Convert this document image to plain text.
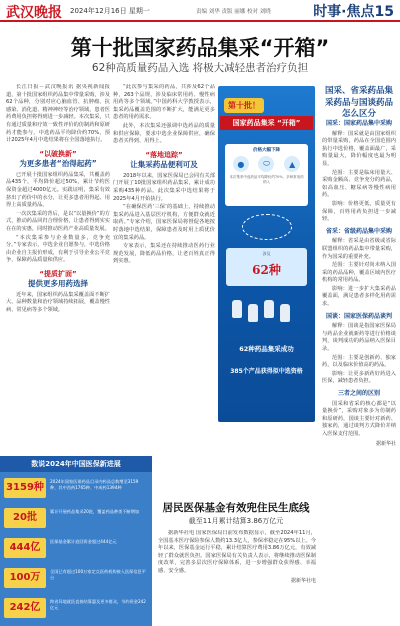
武汉晚报 2024年12月16日 星期一	责编 刘华 责版 丽娜 校对 刘晓	时事·焦点15
第十批国家药品集采“开箱”
62种高质量药品入选 将极大减轻患者治疗负担

长江日报－武汉晚报讯 据央视新闻报道，第十批国家组织药品集中带量采购，涉及62个品种，分别对应心脑血管、抗肿瘤、抗感染、消化道、精神神经等治疗领域，患者医药费用负担将得到进一步减轻。本次集采，只有通过质量和疗效一致性评价的仿制药和原研药才能参与，中选药品平均降价约70%，预计2025年4月中选结果将在全国落地执行。

“以破换新”
为更多患者“治得起药”

已开展十批国家组织药品集采，共覆盖药品435个，平均降价超过50%，累计节约医保资金超过4000亿元。实践证明，集采有效挤出了药价中的水分，让更多患者用得起、用得上高质量药品。

一次次集采的背后，是以“以量换价”的方式，推动药品回归合理价格，让患者得到实实在在的实惠，同时推动医药产业高质量发展。

“本次集采参与企业数量多，竞争充分。”专家表示，中选企业自愿参与，中选价格由企业自主报价形成，有利于引导企业公平竞争，保障药品质量和供应。

“提质扩面”
提供更多用药选择

近年来，国家组织药品集采覆盖面不断扩大，品种数量和治疗领域持续拓展，覆盖慢性病、常见病等多个领域。

“此次参与集采的药品，共涉及62个品种，263个品规，涉及临床常用药、慢性病用药等多个领域。”中国药科大学教授表示，集采药品覆盖范围的不断扩大，能满足更多患者的用药需求。

此外，本次集采还强调中选药品的质量和供应保障，要求中选企业保障供应，确保患者买得到、用得上。

“落地追踪”
让集采药品便利可及

2018年以来，国家医保局已会同有关部门开展了10批国家组织药品集采，累计成功采购435种药品。此次集采中选结果将于2025年4月开始执行。

“在确保医药‘三保’的基础上，持续推动集采药品进入基层医疗机构，方便群众就近取药。”专家介绍，国家医保局将督促各地按时落地中选结果，保障患者及时用上质优价宜的集采药品。

专家表示，集采还在持续推动医药行业规范发展，降低药品价格，让老百姓真正得到实惠。

第十批！
国家药品集采 “开箱”
价格大幅下降
●	⬭	▲
本次集采中选药品平均降价约70%，多种常用药纳入
涉及
62种
62种药品集采成功
385个产品获得拟中选资格
国采、省采药品集采药品与国谈药品怎么区分
国采：国家药品集中采购

解释：国采就是由国家组织的带量采购，药品在全国范围内执行中选价格，覆盖面最广，采购量最大，降价幅度也最为明显。

范围：主要是临床用量大、采购金额高、竞争充分的药品，如高血压、糖尿病等慢性病用药。

影响：价格更低，质量更有保障，百姓用药负担进一步减轻。

省采：省级药品集中采购

解释：省采是由省级或省际联盟组织的药品集中带量采购，作为国采的重要补充。

范围：主要针对尚未纳入国采的药品品种，覆盖区域内医疗机构的常用药品。

影响：进一步扩大集采药品覆盖面，满足患者多样化用药需求。

国谈：国家医保药品谈判

解释：国谈是指国家医保局与药品企业就新药等进行价格谈判，谈判成功的药品纳入医保目录。

范围：主要是创新药、独家药，以及临床价值高的药品。

影响：让更多新药好药进入医保，减轻患者负担。

三者之间的区别

国采和省采的核心都是“以量换价”，采购对象多为仿制药和原研药，国谈主要针对新药、独家药，通过谈判方式降价并纳入医保支付范围。

据新华社
数说2024年中国医保新进展
3159种
2024年国家医保药品目录内药品总数增至3159种，其中西药1765种、中成药1394种
20批
累计开展药品集采20批，覆盖药品种类不断增加
444亿
医保基金累计追回资金超过444亿元
100万
全国已有超过100万家定点医药机构接入医保信息平台
242亿
跨省异地就医直接结算惠及更多群众，节约资金242亿元
居民医保基金有效兜住民生底线
截至11月累计结算3.86万亿元

据新华社电 国家医保局日前发布数据显示，截至2024年11月，全国基本医疗保险参保人数约13.3亿人，参保率稳定在95%以上。今年以来，医保基金运行平稳，累计结算医疗费用3.86万亿元，有效减轻了群众就医负担。国家医保局有关负责人表示，将继续推动医保制度改革，完善多层次医疗保障体系，进一步增强群众获得感、幸福感、安全感。

据新华社电
